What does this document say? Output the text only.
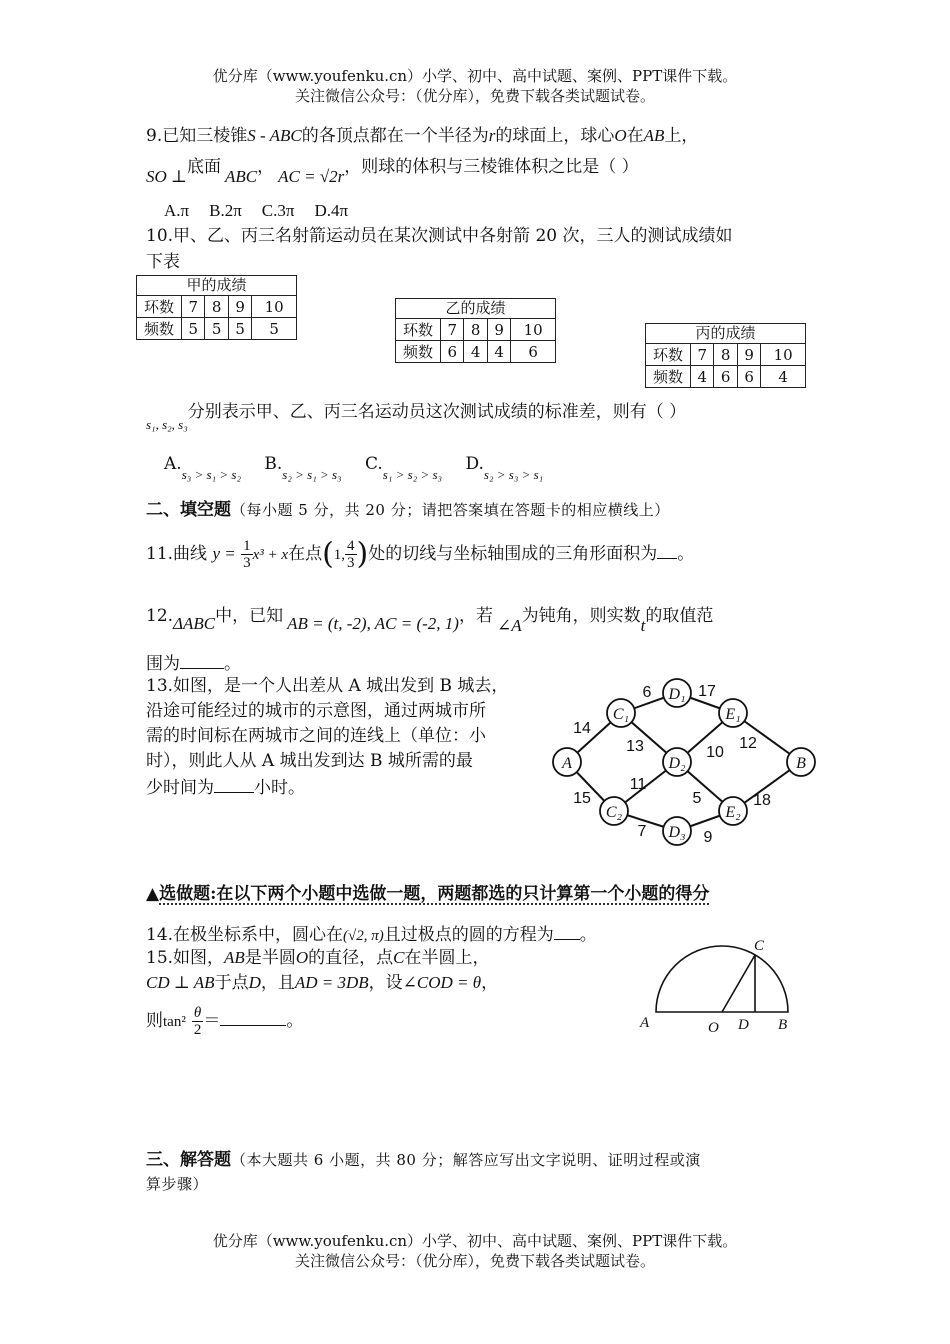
优分库（www.youfenku.cn）小学、初中、高中试题、案例、PPT课件下载。
关注微信公众号：（优分库），免费下载各类试题试卷。
9.已知三棱锥S - ABC的各顶点都在一个半径为r的球面上，球心O在AB上，
SO ⊥底面 ABC， AC = √2r，则球的体积与三棱锥体积之比是（ ）
A.π B.2π C.3π D.4π
10.甲、乙、丙三名射箭运动员在某次测试中各射箭 20 次，三人的测试成绩如
下表
甲的成绩
环数	7	8	9	10
频数	5	5	5	5
乙的成绩
环数	7	8	9	10
频数	6	4	4	6
丙的成绩
环数	7	8	9	10
频数	4	6	6	4
$_{s_1, s_2, s_3}$分别表示甲、乙、丙三名运动员这次测试成绩的标准差，则有（ ）
$A._{s_3 > s_1 > s_2}$ $B._{s_2 > s_1 > s_3}$ $C._{s_1 > s_2 > s_3}$ $D._{s_2 > s_3 > s_1}$
二、填空题（每小题 5 分，共 20 分；请把答案填在答题卡的相应横线上）
11.曲线 $y = \frac{1}{3} x^3 + x$在点(1, $\frac{4}{3}$ )处的切线与坐标轴围成的三角形面积为 。
12.ΔABC中，已知 AB = (t, -2), AC = (-2, 1)，若 ∠A为钝角，则实数t的取值范
围为	。
13.如图，是一个人出差从 A 城出发到 B 城去，
沿途可能经过的城市的示意图，通过两城市所
需的时间标在两城市之间的连线上（单位：小
时），则此人从 A 城出发到达 B 城所需的最
少时间为 小时。
A
C₁
D₁
E₁
D₂	B
C₂
D₃
E₂
14
6	17
13	10
12
11
5
15
7	9
18
▲选做题:在以下两个小题中选做一题，两题都选的只计算第一个小题的得分
14.在极坐标系中，圆心在(√2, π)且过极点的圆的方程为 。
15.如图，AB是半圆O的直径，点C在半圆上，
CD ⊥ AB于点D，且AD = 3DB，设∠COD = θ，
则$\tan^2 \frac{\theta}{2}$ ＝	。
C
A	O D B
三、解答题（本大题共 6 小题，共 80 分；解答应写出文字说明、证明过程或演
算步骤）
优分库（www.youfenku.cn）小学、初中、高中试题、案例、PPT课件下载。
关注微信公众号：（优分库），免费下载各类试题试卷。
